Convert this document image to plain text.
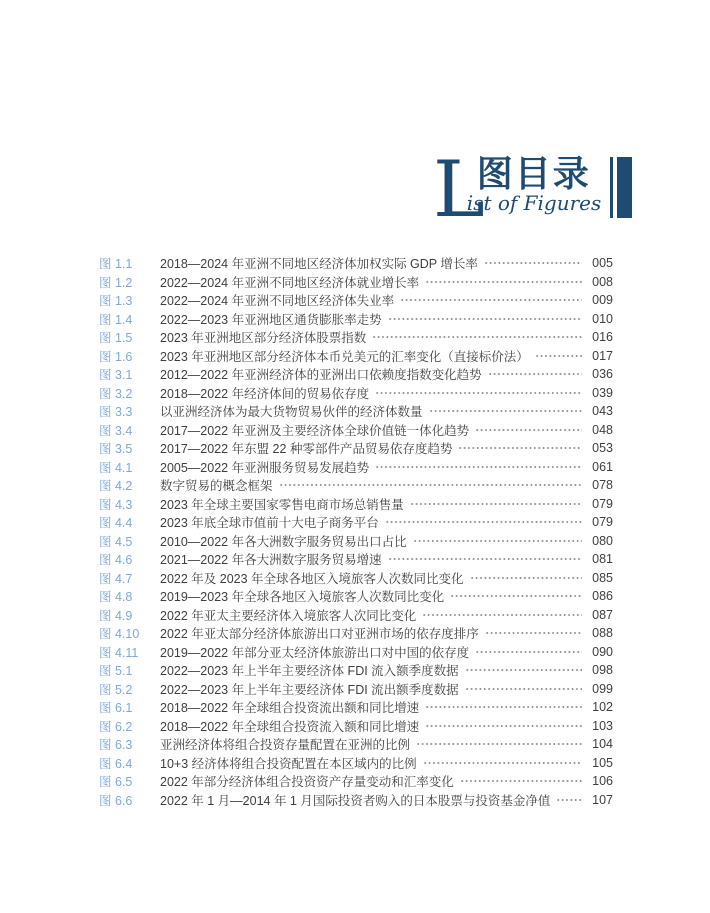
L
图目录
ist of Figures
图 1.1	2018—2024 年亚洲不同地区经济体加权实际 GDP 增长率	005
图 1.2	2022—2024 年亚洲不同地区经济体就业增长率	008
图 1.3	2022—2024 年亚洲不同地区经济体失业率	009
图 1.4	2022—2023 年亚洲地区通货膨胀率走势	010
图 1.5	2023 年亚洲地区部分经济体股票指数	016
图 1.6	2023 年亚洲地区部分经济体本币兑美元的汇率变化（直接标价法）	017
图 3.1	2012—2022 年亚洲经济体的亚洲出口依赖度指数变化趋势	036
图 3.2	2018—2022 年经济体间的贸易依存度	039
图 3.3	以亚洲经济体为最大货物贸易伙伴的经济体数量	043
图 3.4	2017—2022 年亚洲及主要经济体全球价值链一体化趋势	048
图 3.5	2017—2022 年东盟 22 种零部件产品贸易依存度趋势	053
图 4.1	2005—2022 年亚洲服务贸易发展趋势	061
图 4.2	数字贸易的概念框架	078
图 4.3	2023 年全球主要国家零售电商市场总销售量	079
图 4.4	2023 年底全球市值前十大电子商务平台	079
图 4.5	2010—2022 年各大洲数字服务贸易出口占比	080
图 4.6	2021—2022 年各大洲数字服务贸易增速	081
图 4.7	2022 年及 2023 年全球各地区入境旅客人次数同比变化	085
图 4.8	2019—2023 年全球各地区入境旅客人次数同比变化	086
图 4.9	2022 年亚太主要经济体入境旅客人次同比变化	087
图 4.10	2022 年亚太部分经济体旅游出口对亚洲市场的依存度排序	088
图 4.11	2019—2022 年部分亚太经济体旅游出口对中国的依存度	090
图 5.1	2022—2023 年上半年主要经济体 FDI 流入额季度数据	098
图 5.2	2022—2023 年上半年主要经济体 FDI 流出额季度数据	099
图 6.1	2018—2022 年全球组合投资流出额和同比增速	102
图 6.2	2018—2022 年全球组合投资流入额和同比增速	103
图 6.3	亚洲经济体将组合投资存量配置在亚洲的比例	104
图 6.4	10+3 经济体将组合投资配置在本区域内的比例	105
图 6.5	2022 年部分经济体组合投资资产存量变动和汇率变化	106
图 6.6	2022 年 1 月—2014 年 1 月国际投资者购入的日本股票与投资基金净值	107
